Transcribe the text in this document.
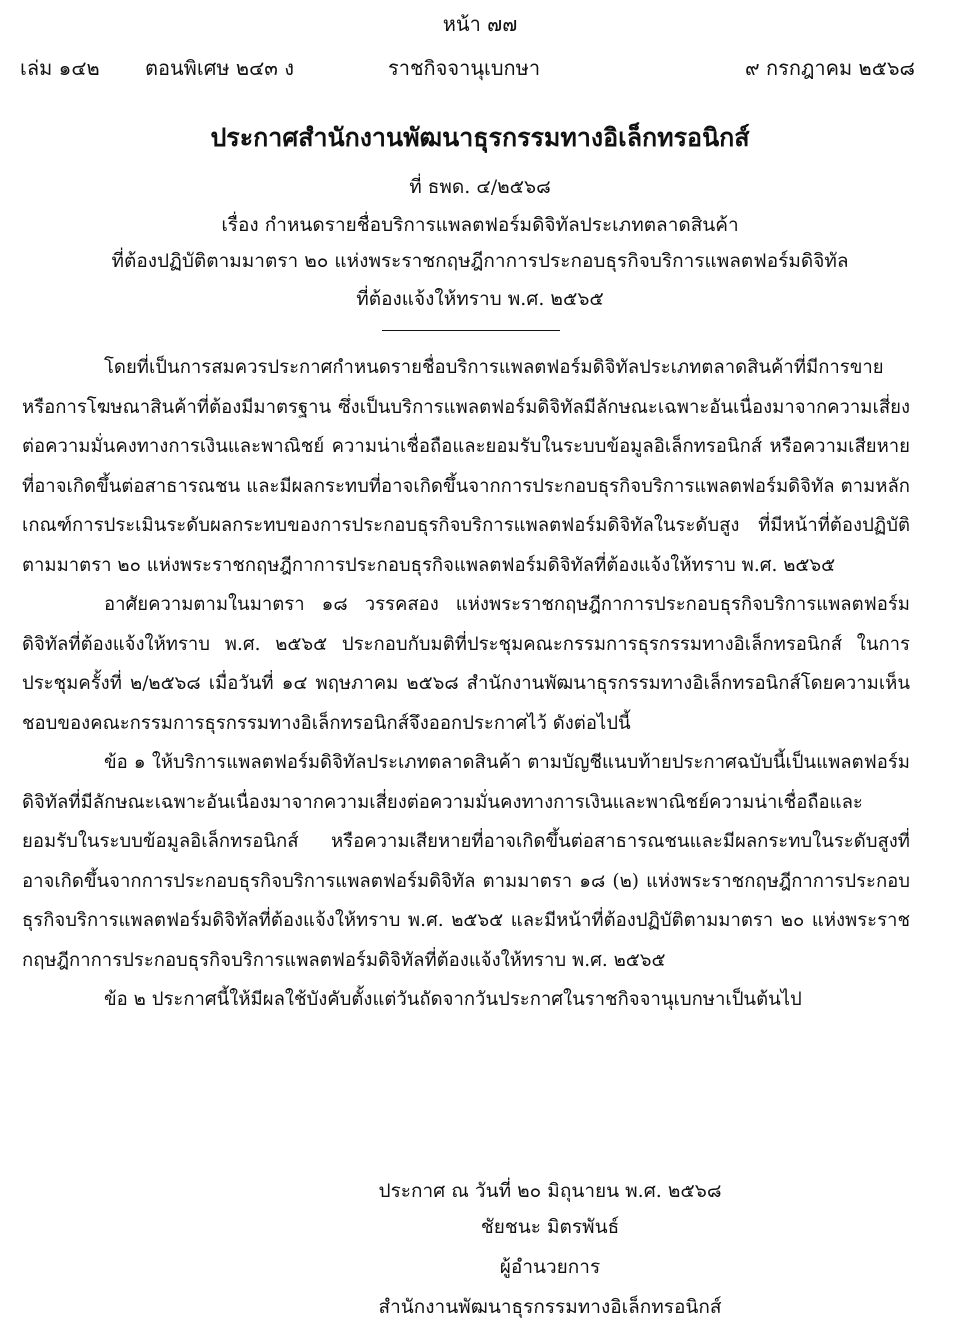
หน้า ๗๗
เล่ม ๑๔๒ ตอนพิเศษ ๒๔๓ ง	ราชกิจจานุเบกษา	๙ กรกฎาคม ๒๕๖๘
ประกาศสำนักงานพัฒนาธุรกรรมทางอิเล็กทรอนิกส์
ที่ ธพด. ๔/๒๕๖๘
เรื่อง กำหนดรายชื่อบริการแพลตฟอร์มดิจิทัลประเภทตลาดสินค้า
ที่ต้องปฏิบัติตามมาตรา ๒๐ แห่งพระราชกฤษฎีกาการประกอบธุรกิจบริการแพลตฟอร์มดิจิทัล
ที่ต้องแจ้งให้ทราบ พ.ศ. ๒๕๖๕

โดยที่เป็นการสมควรประกาศกำหนดรายชื่อบริการแพลตฟอร์มดิจิทัลประเภทตลาดสินค้าที่มีการขายหรือการโฆษณาสินค้าที่ต้องมีมาตรฐาน ซึ่งเป็นบริการแพลตฟอร์มดิจิทัลมีลักษณะเฉพาะอันเนื่องมาจากความเสี่ยงต่อความมั่นคงทางการเงินและพาณิชย์ ความน่าเชื่อถือและยอมรับในระบบข้อมูลอิเล็กทรอนิกส์ หรือความเสียหายที่อาจเกิดขึ้นต่อสาธารณชน และมีผลกระทบที่อาจเกิดขึ้นจากการประกอบธุรกิจบริการแพลตฟอร์มดิจิทัล ตามหลักเกณฑ์การประเมินระดับผลกระทบของการประกอบธุรกิจบริการแพลตฟอร์มดิจิทัลในระดับสูง ที่มีหน้าที่ต้องปฏิบัติตามมาตรา ๒๐ แห่งพระราชกฤษฎีกาการประกอบธุรกิจแพลตฟอร์มดิจิทัลที่ต้องแจ้งให้ทราบ พ.ศ. ๒๕๖๕

อาศัยความตามในมาตรา ๑๘ วรรคสอง แห่งพระราชกฤษฎีกาการประกอบธุรกิจบริการแพลตฟอร์มดิจิทัลที่ต้องแจ้งให้ทราบ พ.ศ. ๒๕๖๕ ประกอบกับมติที่ประชุมคณะกรรมการธุรกรรมทางอิเล็กทรอนิกส์ ในการประชุมครั้งที่ ๒/๒๕๖๘ เมื่อวันที่ ๑๔ พฤษภาคม ๒๕๖๘ สำนักงานพัฒนาธุรกรรมทางอิเล็กทรอนิกส์โดยความเห็นชอบของคณะกรรมการธุรกรรมทางอิเล็กทรอนิกส์จึงออกประกาศไว้ ดังต่อไปนี้

ข้อ ๑ ให้บริการแพลตฟอร์มดิจิทัลประเภทตลาดสินค้า ตามบัญชีแนบท้ายประกาศฉบับนี้เป็นแพลตฟอร์มดิจิทัลที่มีลักษณะเฉพาะอันเนื่องมาจากความเสี่ยงต่อความมั่นคงทางการเงินและพาณิชย์ความน่าเชื่อถือและยอมรับในระบบข้อมูลอิเล็กทรอนิกส์ หรือความเสียหายที่อาจเกิดขึ้นต่อสาธารณชนและมีผลกระทบในระดับสูงที่อาจเกิดขึ้นจากการประกอบธุรกิจบริการแพลตฟอร์มดิจิทัล ตามมาตรา ๑๘ (๒) แห่งพระราชกฤษฎีกาการประกอบธุรกิจบริการแพลตฟอร์มดิจิทัลที่ต้องแจ้งให้ทราบ พ.ศ. ๒๕๖๕ และมีหน้าที่ต้องปฏิบัติตามมาตรา ๒๐ แห่งพระราชกฤษฎีกาการประกอบธุรกิจบริการแพลตฟอร์มดิจิทัลที่ต้องแจ้งให้ทราบ พ.ศ. ๒๕๖๕

ข้อ ๒ ประกาศนี้ให้มีผลใช้บังคับตั้งแต่วันถัดจากวันประกาศในราชกิจจานุเบกษาเป็นต้นไป

ประกาศ ณ วันที่ ๒๐ มิถุนายน พ.ศ. ๒๕๖๘
ชัยชนะ มิตรพันธ์
ผู้อำนวยการ
สำนักงานพัฒนาธุรกรรมทางอิเล็กทรอนิกส์
